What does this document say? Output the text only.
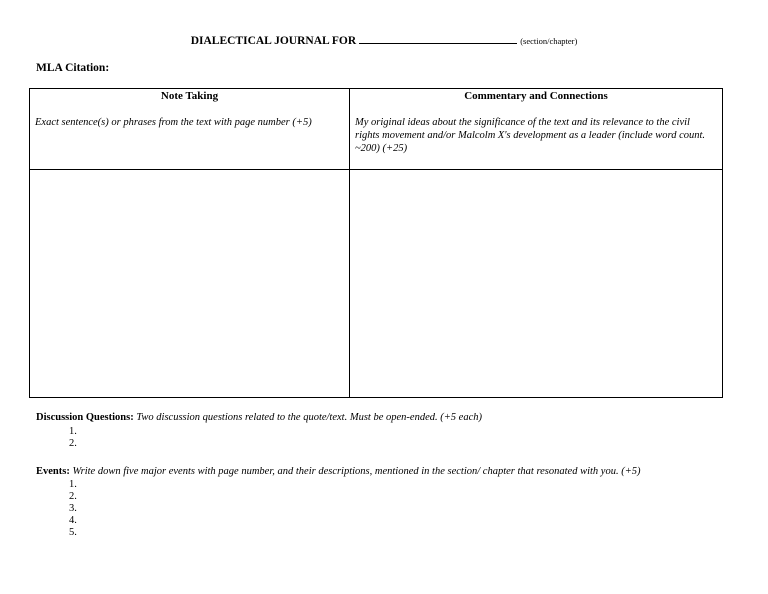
DIALECTICAL JOURNAL FOR	(section/chapter)
MLA Citation:
Note Taking	Commentary and Connections
Exact sentence(s) or phrases from the text with page number (+5)	My original ideas about the significance of the text and its relevance to the civil rights movement and/or Malcolm X's development as a leader (include word count. ~200) (+25)
Discussion Questions: Two discussion questions related to the quote/text. Must be open-ended. (+5 each)
1.
2.
Events: Write down five major events with page number, and their descriptions, mentioned in the section/ chapter that resonated with you. (+5)
1.
2.
3.
4.
5.
